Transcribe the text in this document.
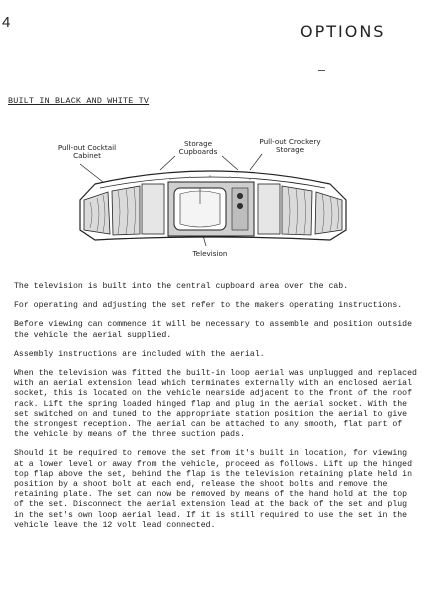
4	OPTIONS
BUILT IN BLACK AND WHITE TV
Pull-out Cocktail
Cabinet
Storage
Cupboards
Pull-out Crockery
Storage
Television

The television is built into the central cupboard area over the cab.

For operating and adjusting the set refer to the makers operating instructions.

Before viewing can commence it will be necessary to assemble and position outside the vehicle the aerial supplied.

Assembly instructions are included with the aerial.

When the television was fitted the built-in loop aerial was unplugged and replaced with an aerial extension lead which terminates externally with an enclosed aerial socket, this is located on the vehicle nearside adjacent to the front of the roof rack. Lift the spring loaded hinged flap and plug in the aerial socket. With the set switched on and tuned to the appropriate station position the aerial to give the strongest reception. The aerial can be attached to any smooth, flat part of the vehicle by means of the three suction pads.

Should it be required to remove the set from it's built in location, for viewing at a lower level or away from the vehicle, proceed as follows. Lift up the hinged top flap above the set, behind the flap is the television retaining plate held in position by a shoot bolt at each end, release the shoot bolts and remove the retaining plate. The set can now be removed by means of the hand hold at the top of the set. Disconnect the aerial extension lead at the back of the set and plug in the set's own loop aerial lead. If it is still required to use the set in the vehicle leave the 12 volt lead connected.
